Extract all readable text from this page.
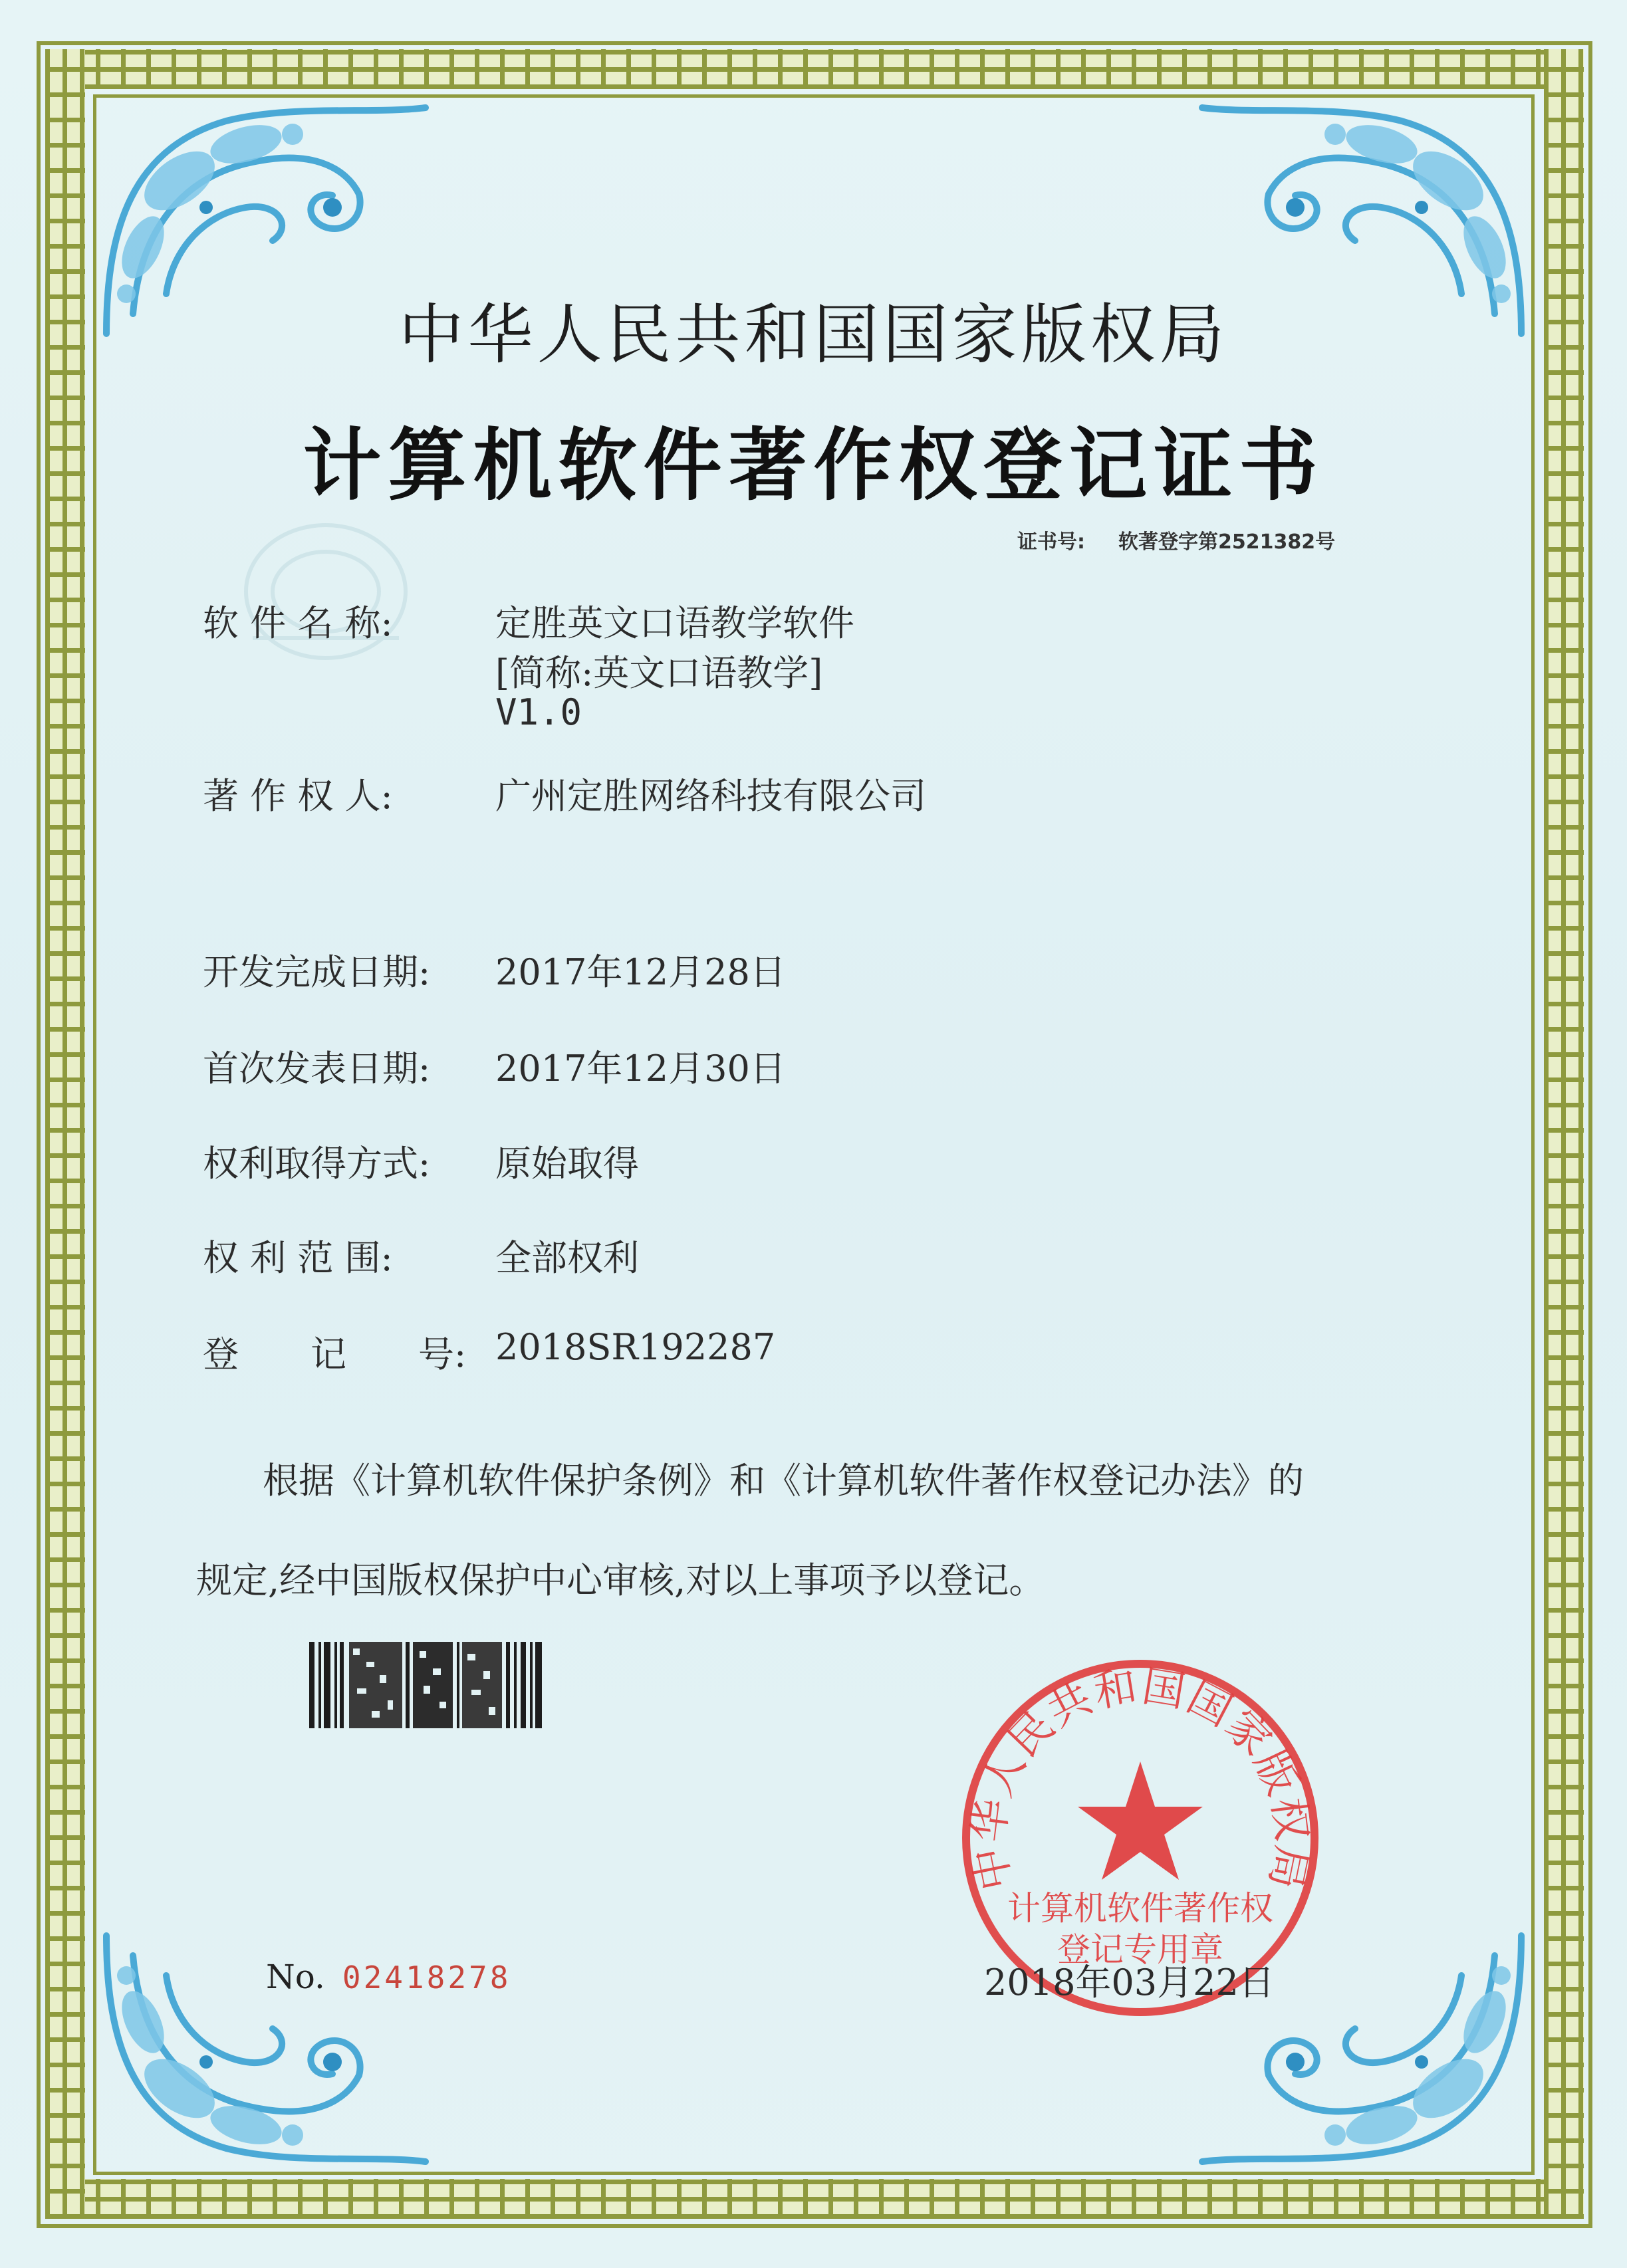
中华人民共和国国家版权局
计算机软件著作权登记证书
证书号: 软著登字第2521382号
软 件 名 称:	定胜英文口语教学软件
[简称:英文口语教学]
V1.0
著 作 权 人:	广州定胜网络科技有限公司
开发完成日期:	2017年12月28日
首次发表日期:	2017年12月30日
权利取得方式:	原始取得
权 利 范 围:	全部权利
登　　记　　号: 2018SR192287
根据《计算机软件保护条例》和《计算机软件著作权登记办法》的
规定,经中国版权保护中心审核,对以上事项予以登记。
中华人民共和国国家版权局
计算机软件著作权
登记专用章
No. 02418278	2018年03月22日
